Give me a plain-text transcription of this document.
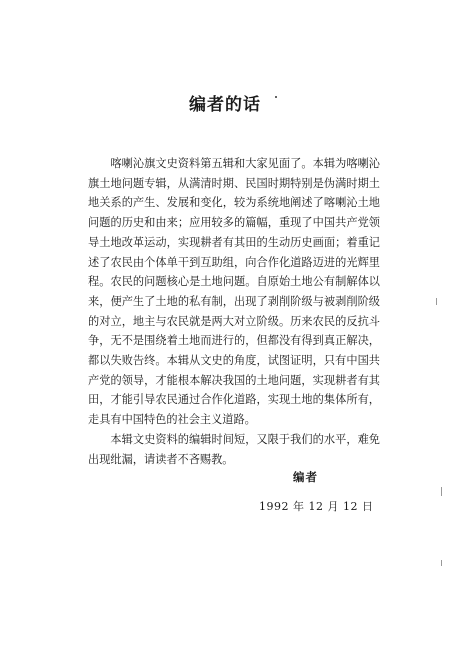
编者的话

喀喇沁旗文史资料第五辑和大家见面了。本辑为喀喇沁旗土地问题专辑，从满清时期、民国时期特别是伪满时期土地关系的产生、发展和变化，较为系统地阐述了喀喇沁土地问题的历史和由来；应用较多的篇幅，重现了中国共产党领导土地改革运动，实现耕者有其田的生动历史画面；着重记述了农民由个体单干到互助组，向合作化道路迈进的光辉里程。农民的问题核心是土地问题。自原始土地公有制解体以来，便产生了土地的私有制，出现了剥削阶级与被剥削阶级的对立，地主与农民就是两大对立阶级。历来农民的反抗斗争，无不是围绕着土地而进行的，但都没有得到真正解决，都以失败告终。本辑从文史的角度，试图证明，只有中国共产党的领导，才能根本解决我国的土地问题，实现耕者有其田，才能引导农民通过合作化道路，实现土地的集体所有，走具有中国特色的社会主义道路。

本辑文史资料的编辑时间短，又限于我们的水平，难免出现纰漏，请读者不吝赐教。

编者
1992 年 12 月 12 日
